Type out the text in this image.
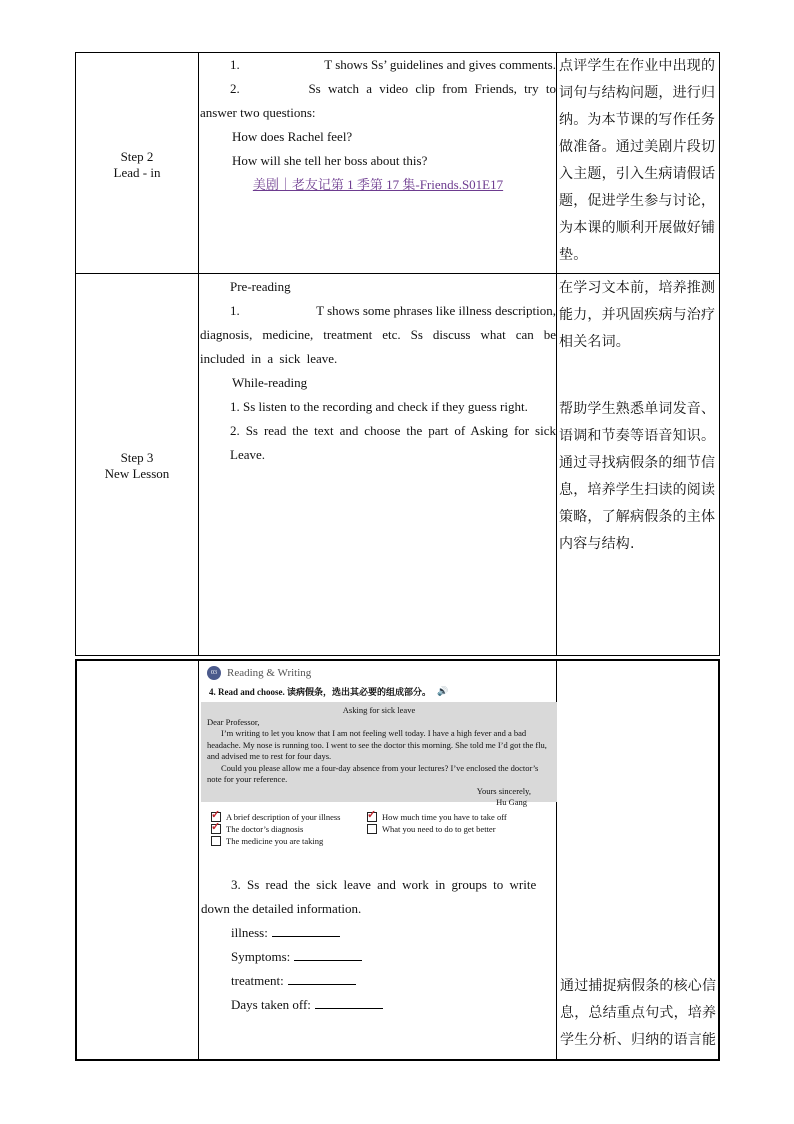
Step 2
Lead - in

1.	T shows Ss’ guidelines and gives comments.

2.	Ss watch a video clip from Friends, try to

answer two questions:

How does Rachel feel?

How will she tell her boss about this?

美剧｜老友记第 1 季第 17 集-Friends.S01E17

点评学生在作业中出现的词句与结构问题，进行归纳。为本节课的写作任务做准备。通过美剧片段切入主题，引入生病请假话题，促进学生参与讨论，为本课的顺利开展做好铺垫。

Step 3
New Lesson

Pre-reading

1.	T shows some phrases like illness description,

diagnosis, medicine, treatment etc. Ss discuss what can be included in a sick leave.

While-reading

1. Ss listen to the recording and check if they guess right.

2. Ss read the text and choose the part of Asking for sick Leave.

在学习文本前，培养推测能力，并巩固疾病与治疗相关名词。

帮助学生熟悉单词发音、语调和节奏等语音知识。通过寻找病假条的细节信息，培养学生扫读的阅读策略，了解病假条的主体内容与结构.

03 Reading & Writing
4. Read and choose. 读病假条，选出其必要的组成部分。 🔊
Asking for sick leave
Dear Professor,
I’m writing to let you know that I am not feeling well today. I have a high fever and a bad headache. My nose is running too. I went to see the doctor this morning. She told me I’d got the flu, and advised me to rest for four days.
Could you please allow me a four-day absence from your lectures? I’ve enclosed the doctor’s note for your reference.
Yours sincerely,
Hu Gang
✓
A brief description of your illness
✓	How much time you have to take off
✓
The doctor’s diagnosis	What you need to do to get better
The medicine you are taking

3. Ss read the sick leave and work in groups to write

down the detailed information.

illness:

Symptoms:

treatment:

Days taken off:

通过捕捉病假条的核心信息，总结重点句式，培养学生分析、归纳的语言能
